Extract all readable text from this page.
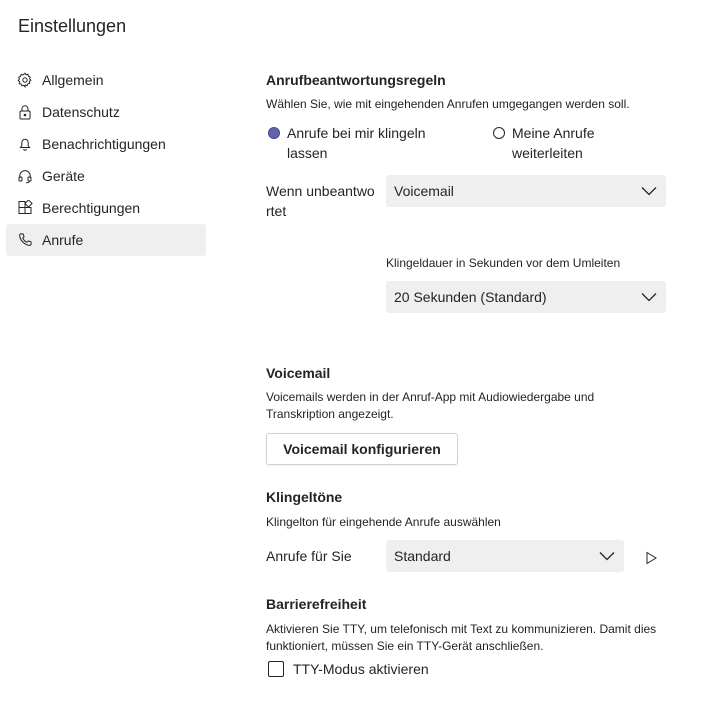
Einstellungen
Allgemein
Datenschutz
Benachrichtigungen
Geräte
Berechtigungen
Anrufe
Anrufbeantwortungsregeln
Wählen Sie, wie mit eingehenden Anrufen umgegangen werden soll.
Anrufe bei mir klingeln
lassen
Meine Anrufe
weiterleiten
Wenn unbeantwo
rtet
Voicemail
Klingeldauer in Sekunden vor dem Umleiten
20 Sekunden (Standard)
Voicemail
Voicemails werden in der Anruf-App mit Audiowiedergabe und
Transkription angezeigt.
Voicemail konfigurieren
Klingeltöne
Klingelton für eingehende Anrufe auswählen
Anrufe für Sie	Standard
Barrierefreiheit
Aktivieren Sie TTY, um telefonisch mit Text zu kommunizieren. Damit dies
funktioniert, müssen Sie ein TTY-Gerät anschließen.
TTY-Modus aktivieren
